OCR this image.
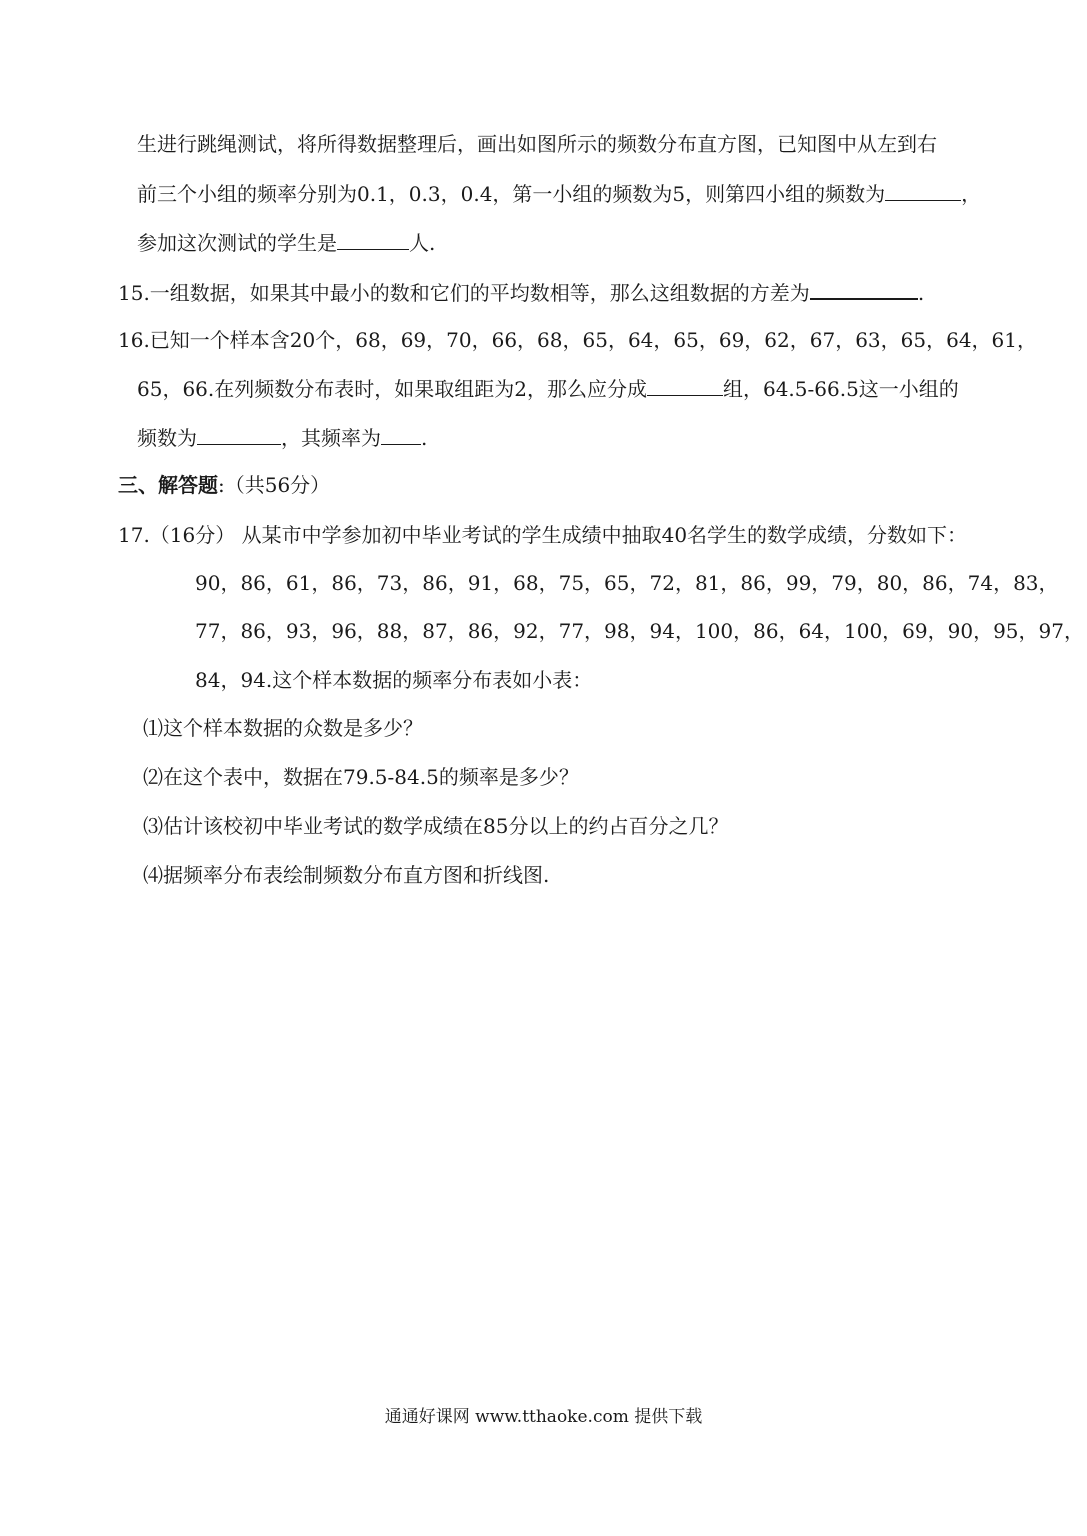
生进行跳绳测试，将所得数据整理后，画出如图所示的频数分布直方图，已知图中从左到右
前三个小组的频率分别为0.1，0.3，0.4，第一小组的频数为5，则第四小组的频数为	，
参加这次测试的学生是	人.
15.一组数据，如果其中最小的数和它们的平均数相等，那么这组数据的方差为	.
16.已知一个样本含20个，68，69，70，66，68，65，64，65，69，62，67，63，65，64，61，
65，66.在列频数分布表时，如果取组距为2，那么应分成	组，64.5-66.5这一小组的
频数为	，其频率为 .
三、解答题:（共56分）
17.（16分） 从某市中学参加初中毕业考试的学生成绩中抽取40名学生的数学成绩，分数如下：
90，86，61，86，73，86，91，68，75，65，72，81，86，99，79，80，86，74，83，
77，86，93，96，88，87，86，92，77，98，94，100，86，64，100，69，90，95，97，
84，94.这个样本数据的频率分布表如小表：
⑴这个样本数据的众数是多少？
⑵在这个表中，数据在79.5-84.5的频率是多少？
⑶估计该校初中毕业考试的数学成绩在85分以上的约占百分之几？
⑷据频率分布表绘制频数分布直方图和折线图.
通通好课网 www.tthaoke.com 提供下载
